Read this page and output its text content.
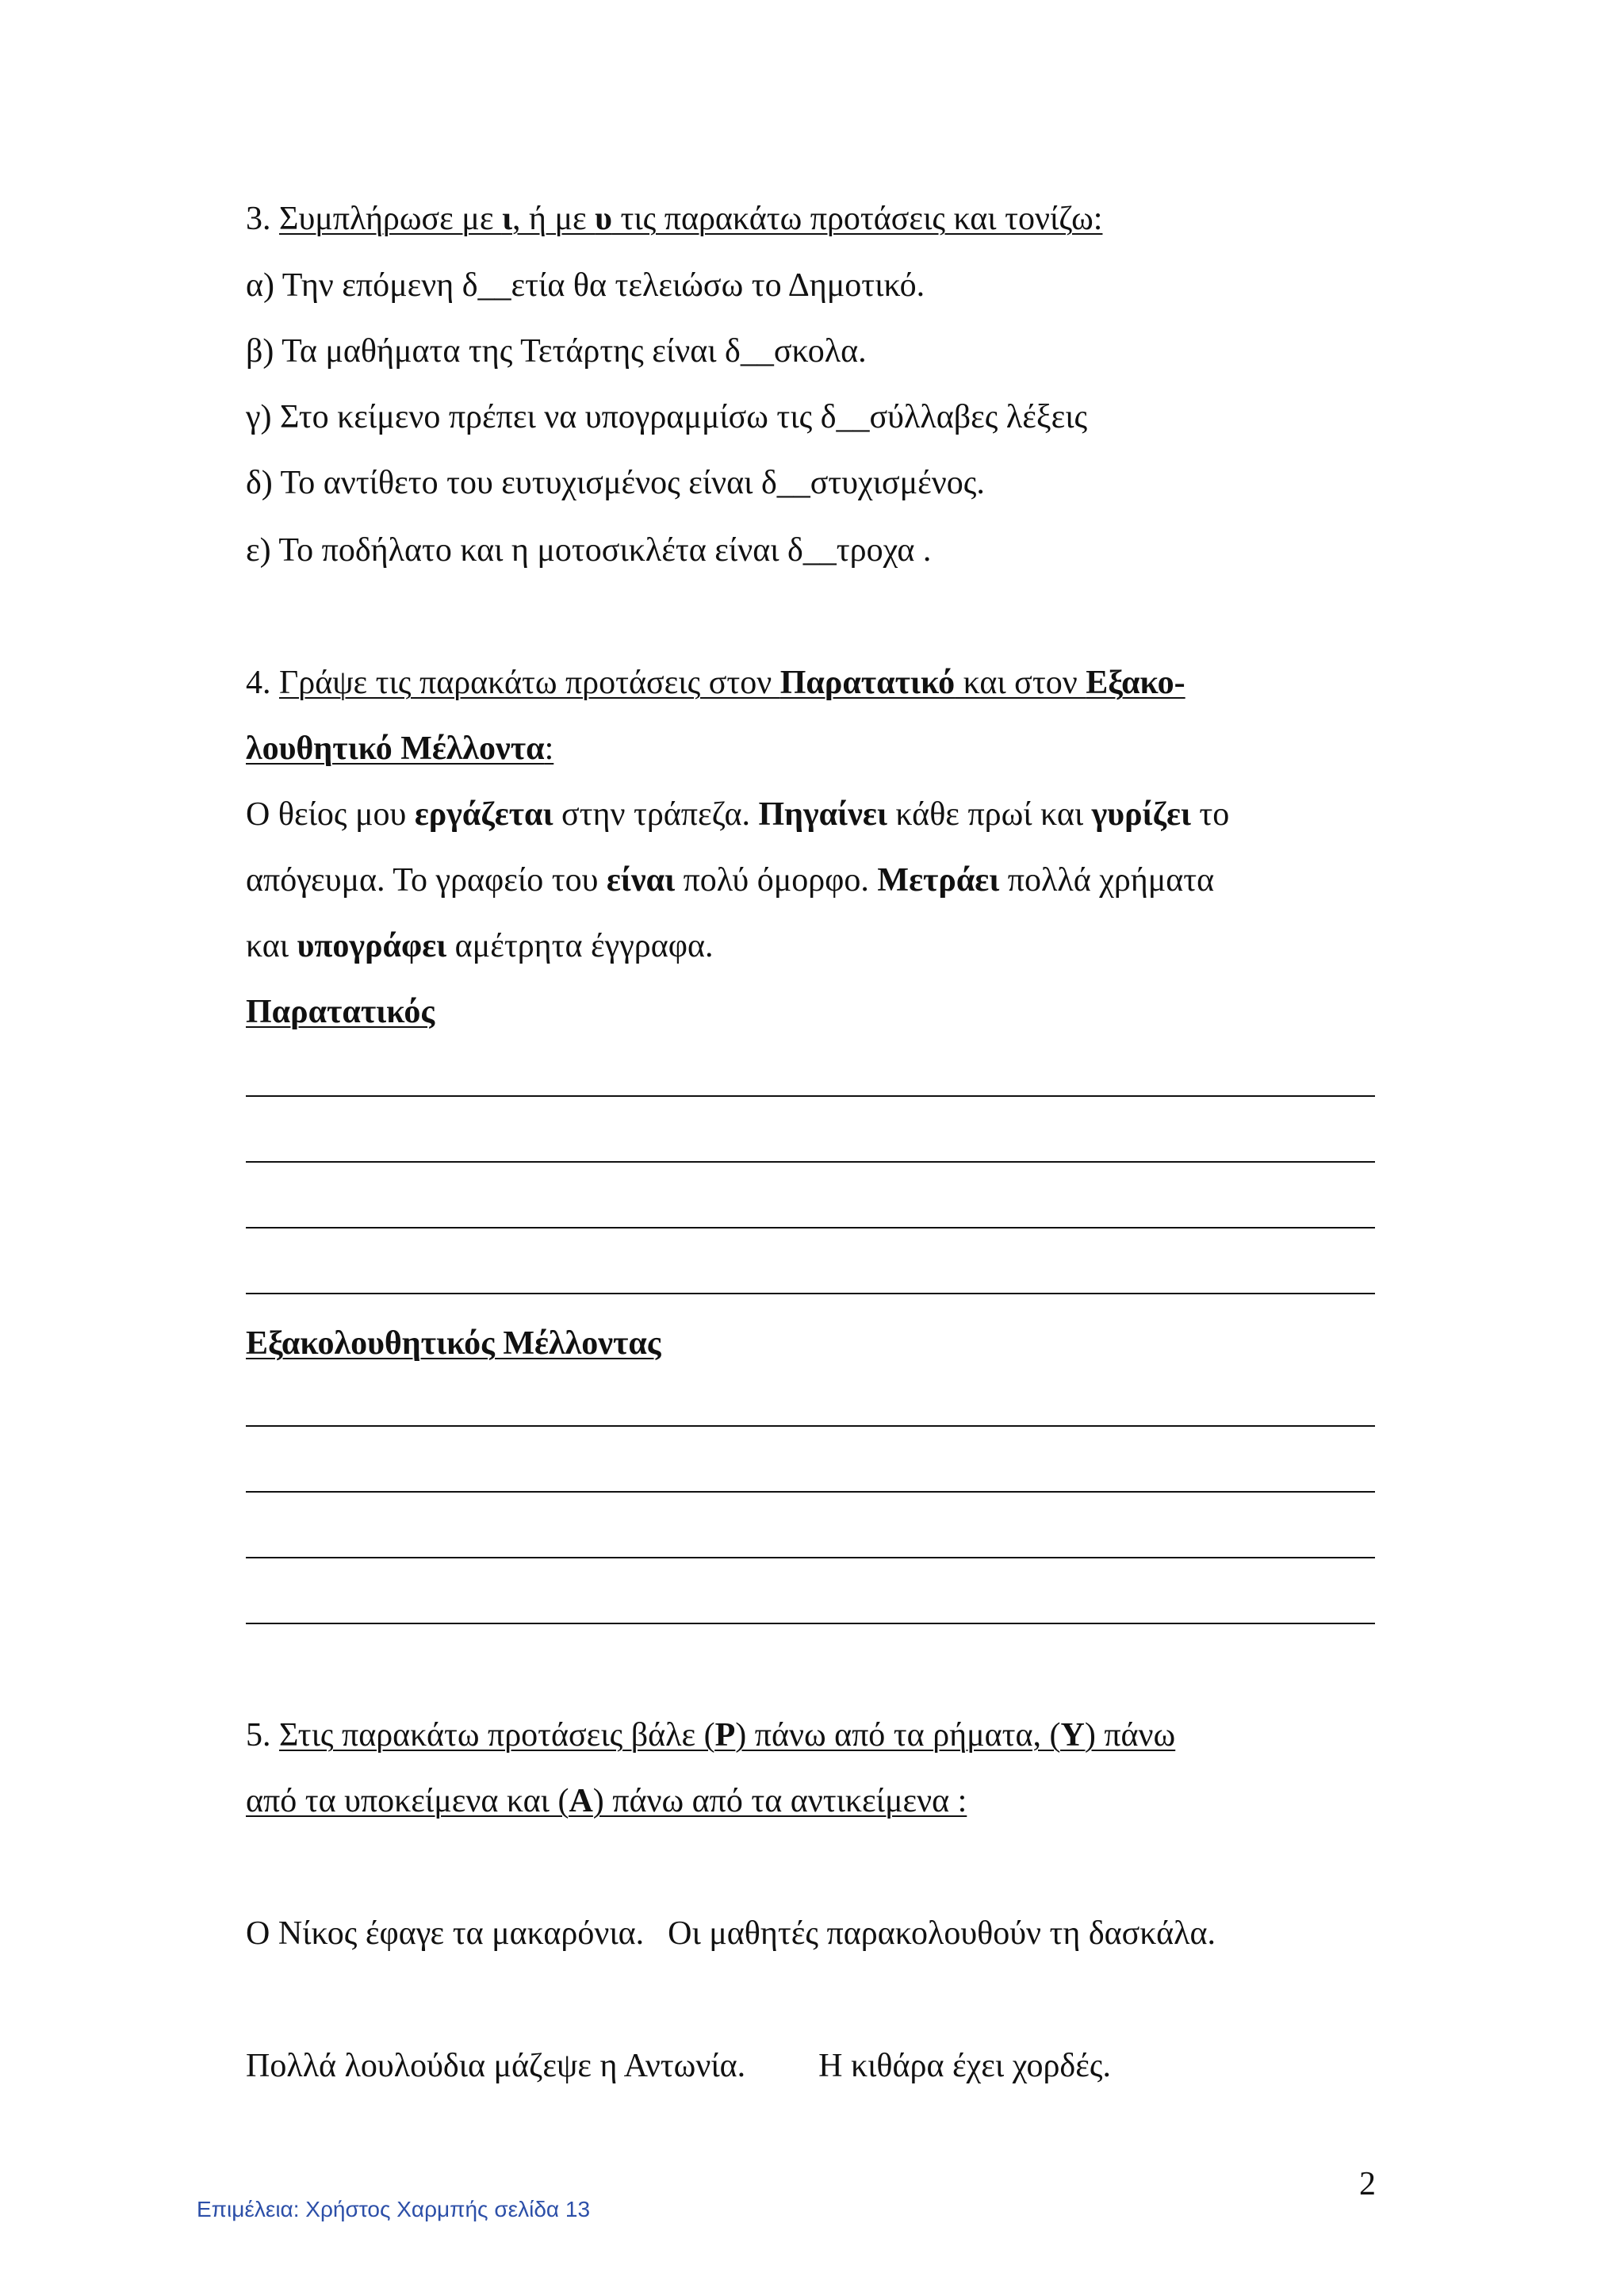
3. Συμπλήρωσε με ι, ή με υ τις παρακάτω προτάσεις και τονίζω:
α) Την επόμενη δ__ετία θα τελειώσω το Δημοτικό.
β) Τα μαθήματα της Τετάρτης είναι δ__σκολα.
γ) Στο κείμενο πρέπει να υπογραμμίσω τις δ__σύλλαβες λέξεις
δ) Το αντίθετο του ευτυχισμένος είναι δ__στυχισμένος.
ε) Το ποδήλατο και η μοτοσικλέτα είναι δ__τροχα .
4. Γράψε τις παρακάτω προτάσεις στον Παρατατικό και στον Εξακο-
λουθητικό Μέλλοντα:
Ο θείος μου εργάζεται στην τράπεζα. Πηγαίνει κάθε πρωί και γυρίζει το
απόγευμα. Το γραφείο του είναι πολύ όμορφο. Μετράει πολλά χρήματα
και υπογράφει αμέτρητα έγγραφα.
Παρατατικός
Εξακολουθητικός Μέλλοντας
5. Στις παρακάτω προτάσεις βάλε (Ρ) πάνω από τα ρήματα, (Υ) πάνω
από τα υποκείμενα και (Α) πάνω από τα αντικείμενα :
Ο Νίκος έφαγε τα μακαρόνια. Οι μαθητές παρακολουθούν τη δασκάλα.
Πολλά λουλούδια μάζεψε η Αντωνία. Η κιθάρα έχει χορδές.
2
Επιμέλεια: Χρήστος Χαρμπής σελίδα 13
